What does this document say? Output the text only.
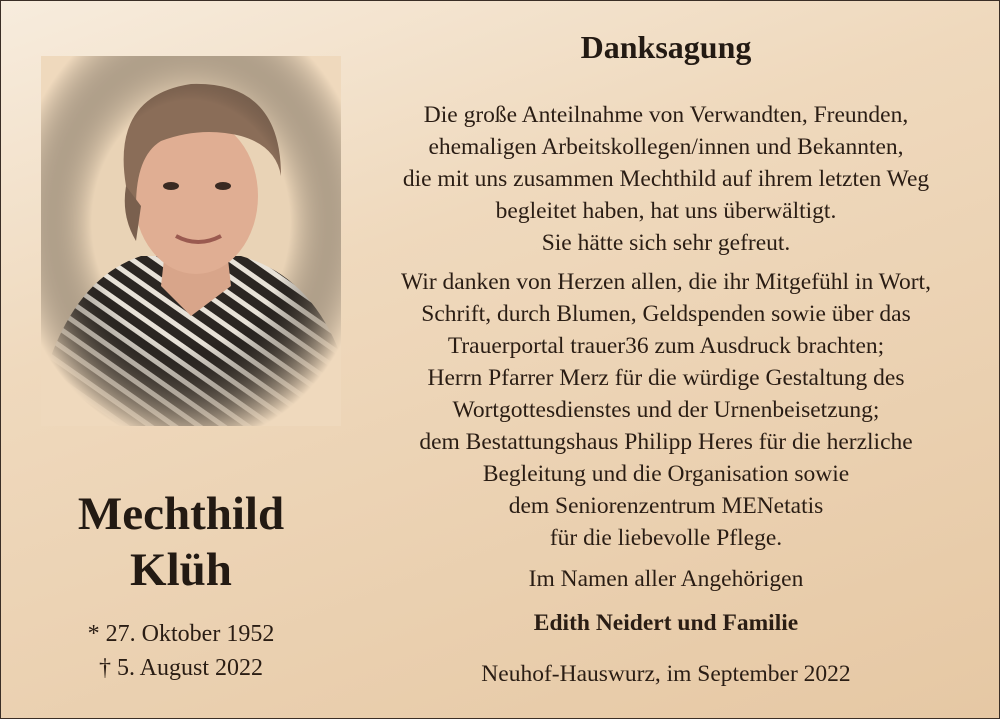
Mechthild
Klüh
* 27. Oktober 1952
† 5. August 2022
Danksagung
Die große Anteilnahme von Verwandten, Freunden,
ehemaligen Arbeitskollegen/innen und Bekannten,
die mit uns zusammen Mechthild auf ihrem letzten Weg
begleitet haben, hat uns überwältigt.
Sie hätte sich sehr gefreut.
Wir danken von Herzen allen, die ihr Mitgefühl in Wort,
Schrift, durch Blumen, Geldspenden sowie über das
Trauerportal trauer36 zum Ausdruck brachten;
Herrn Pfarrer Merz für die würdige Gestaltung des
Wortgottesdienstes und der Urnenbeisetzung;
dem Bestattungshaus Philipp Heres für die herzliche
Begleitung und die Organisation sowie
dem Seniorenzentrum MENetatis
für die liebevolle Pflege.
Im Namen aller Angehörigen
Edith Neidert und Familie
Neuhof-Hauswurz, im September 2022
